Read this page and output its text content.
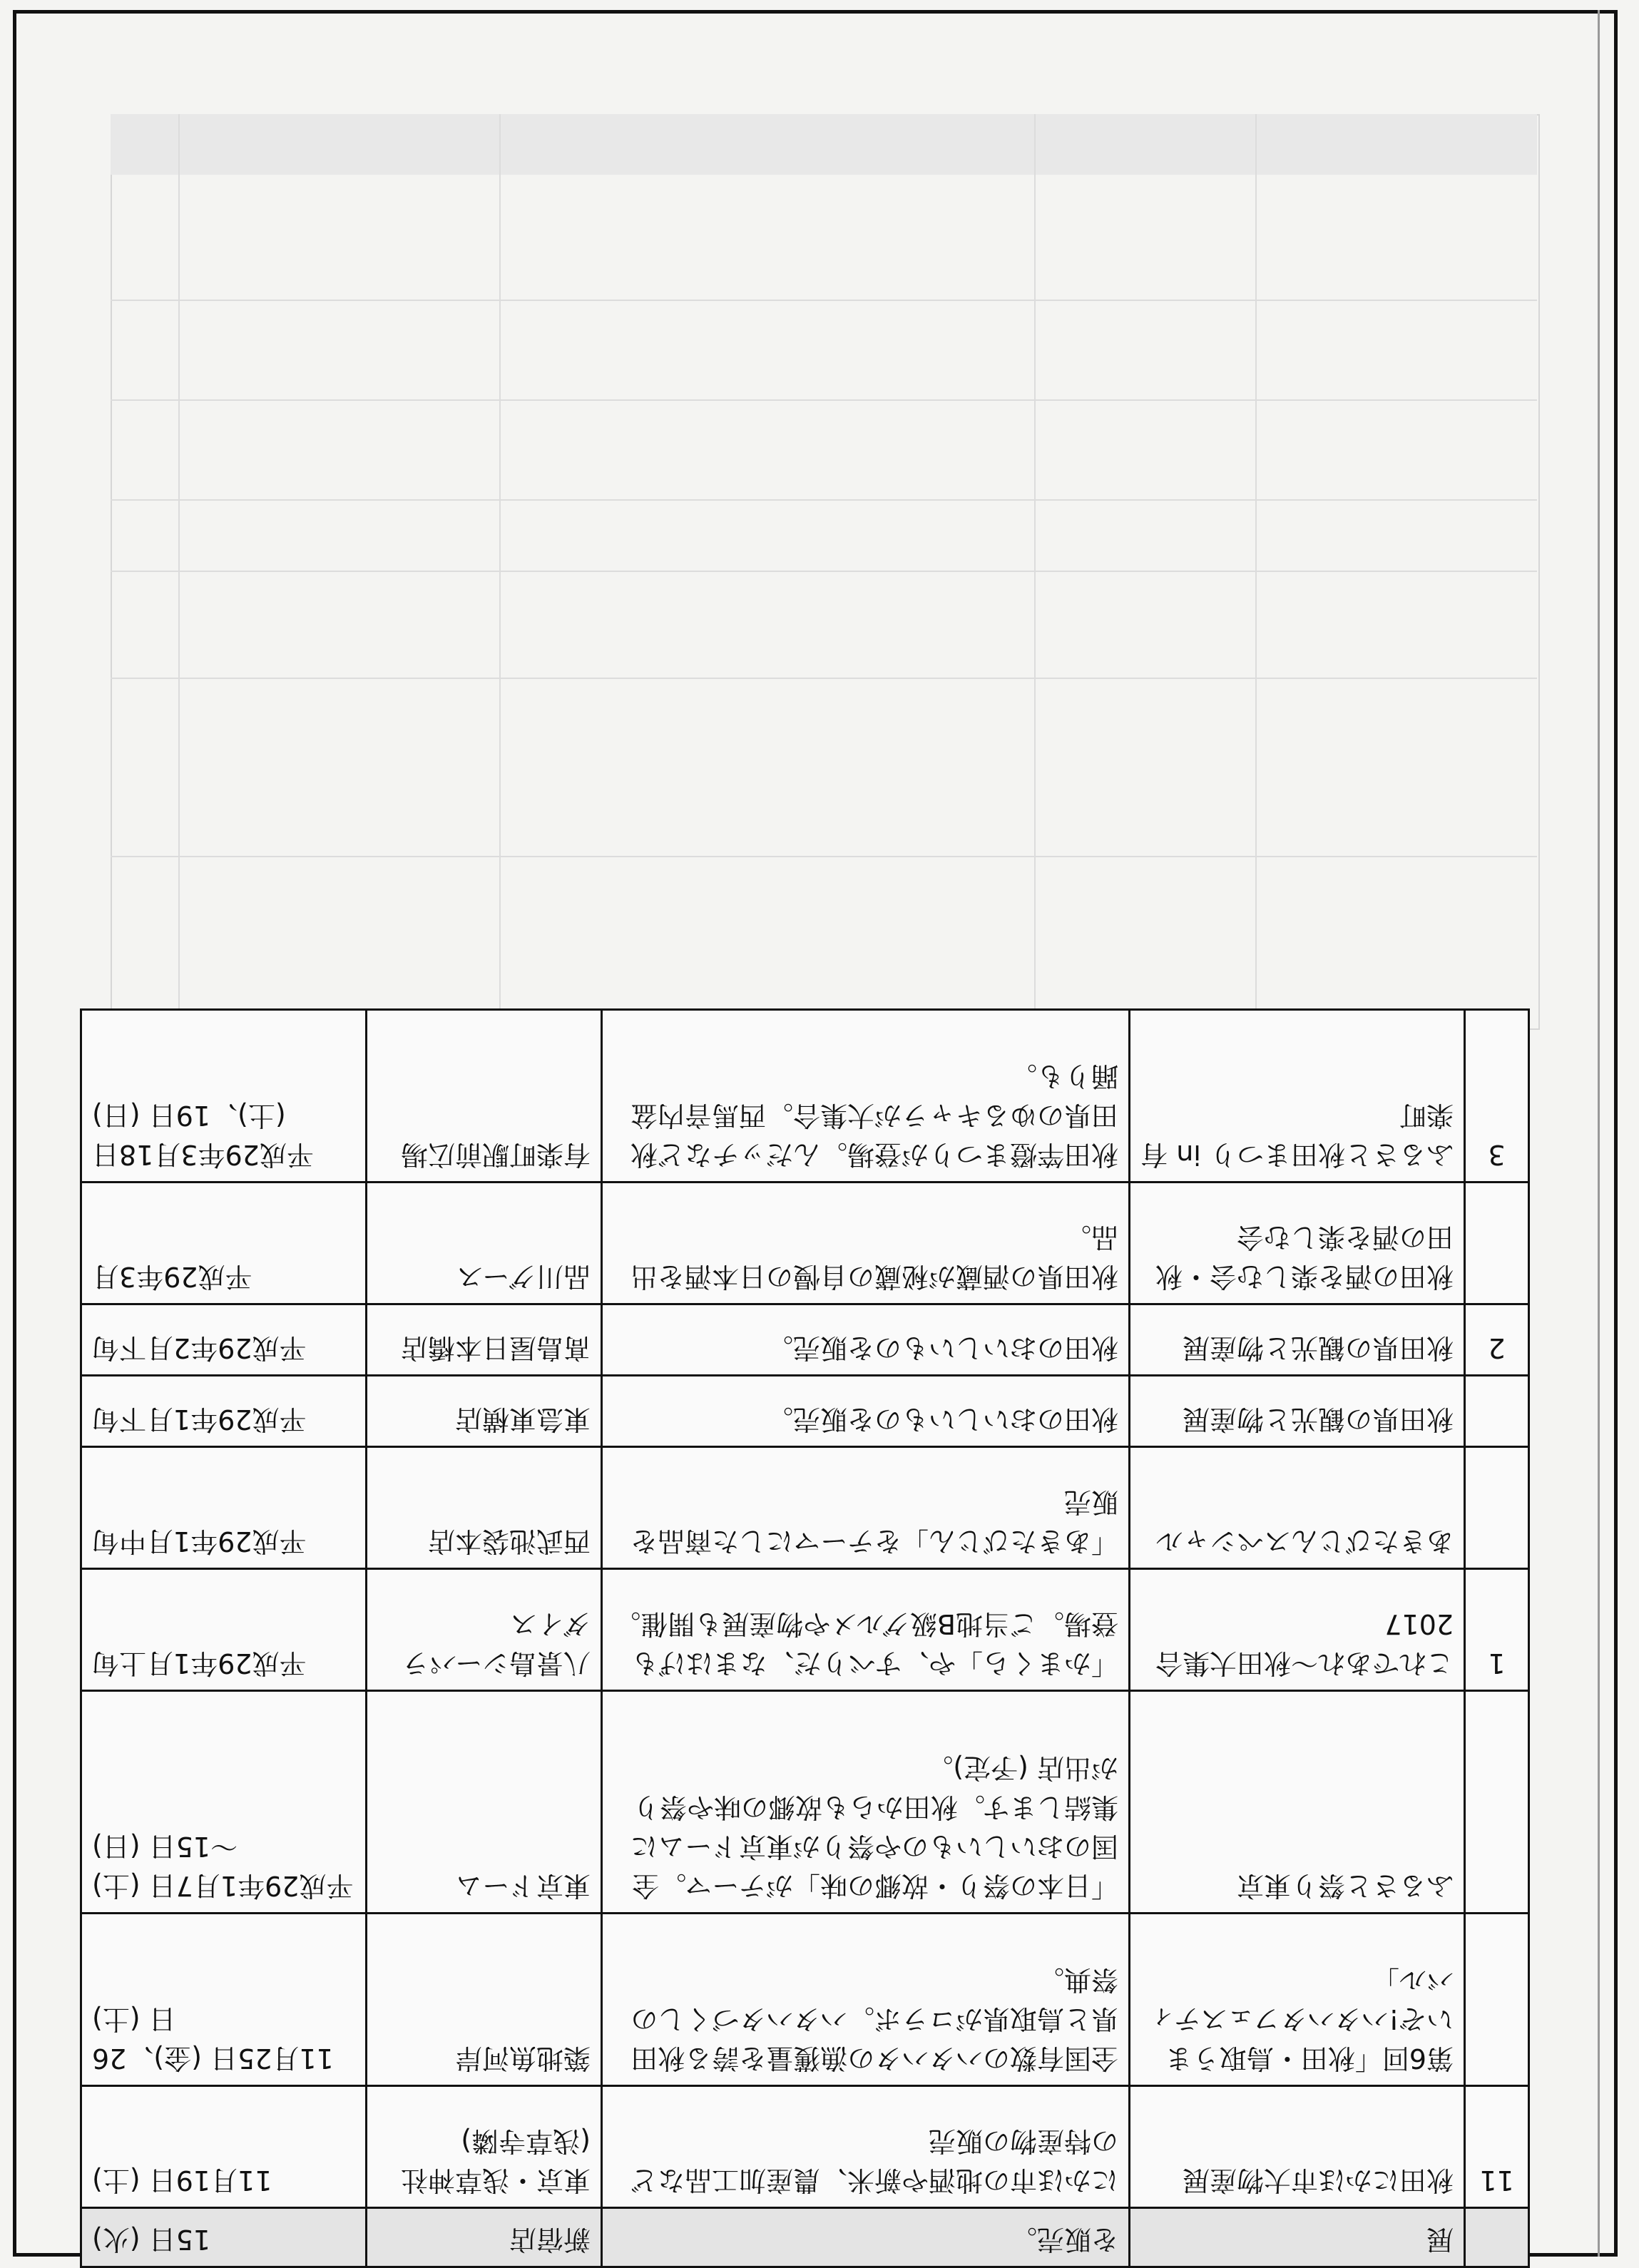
	展	を販売。	新宿店	15日 (火)
11	秋田にかほ市大物産展	にかほ市の地酒や新米、農産加工品などの特産物の販売	東京・浅草神社 (浅草寺隣)	11月19日 (土)
	第6回「秋田・鳥取うまいぞ!ハタハタフェスティバル」	全国有数のハタハタの漁獲量を誇る秋田県と鳥取県がコラボ。ハタハタづくしの祭典。	築地魚河岸	11月25日 (金)、26日 (土)
	ふるさと祭り東京	「日本の祭り・故郷の味」がテーマ。全国のおいしいものや祭りが東京ドームに集結します。秋田からも故郷の味や祭りが出店 (予定)。	東京ドーム	平成29年1月7日 (土) ～15日 (日)
1	これであれ～秋田大集合2017	「かまくら」や、すべりだ、なまはげも登場。ご当地B級グルメや物産展も開催。	八景島シーパラダイス	平成29年1月上旬
	あきたびじんスペシャル	「あきたびじん」をテーマにした商品を販売	西武池袋本店	平成29年1月中旬
	秋田県の観光と物産展	秋田のおいしいものを販売。	東急東横店	平成29年1月下旬
2	秋田県の観光と物産展	秋田のおいしいものを販売。	髙島屋日本橋店	平成29年2月下旬
	秋田の酒を楽しむ会・秋田の酒を楽しむ会	秋田県の酒蔵が秘蔵の自慢の日本酒を出品。	品川グース	平成29年3月
3	ふるさと秋田まつり in 有楽町	秋田竿燈まつりが登場。んだッチなど秋田県のゆるキャラが大集合。西馬音内盆踊りも。	有楽町駅前広場	平成29年3月18日 (土)、19日 (日)
